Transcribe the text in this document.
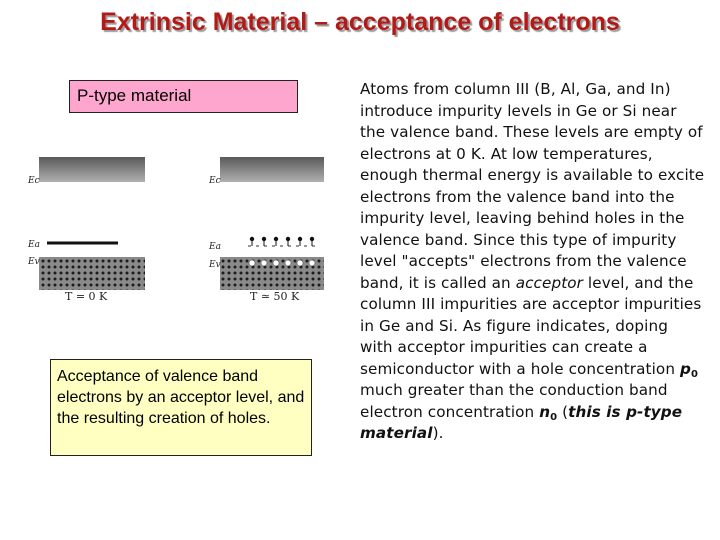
Extrinsic Material – acceptance of electrons
P-type material
Ec
Ea
Ev
T = 0 K
Ec
Ea
Ev
T ≃ 50 K
Acceptance of valence band electrons by an acceptor level, and the resulting creation of holes.
Atoms from column III (B, Al, Ga, and In) introduce impurity levels in Ge or Si near the valence band. These levels are empty of electrons at 0 K. At low temperatures, enough thermal energy is available to excite electrons from the valence band into the impurity level, leaving behind holes in the valence band. Since this type of impurity level "accepts" electrons from the valence band, it is called an acceptor level, and the column III impurities are acceptor impurities in Ge and Si. As figure indicates, doping with acceptor impurities can create a semiconductor with a hole concentration $p_0$ much greater than the conduction band electron concentration $n_0$ (this is p-type material).
